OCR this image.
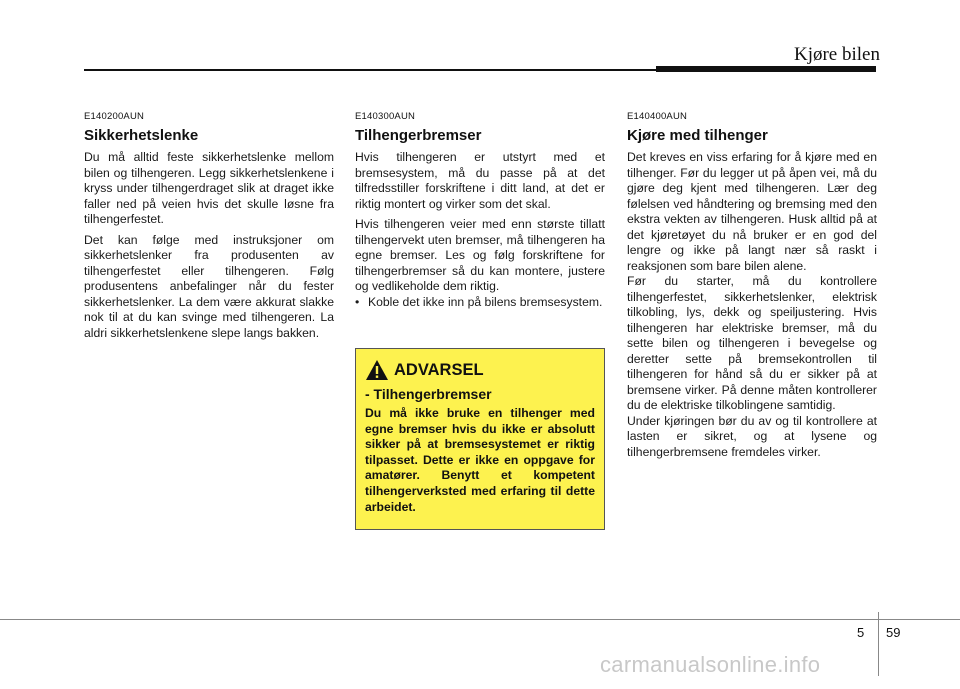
Kjøre bilen
E140200AUN
Sikkerhetslenke

Du må alltid feste sikkerhetslenke mellom bilen og tilhengeren. Legg sikkerhetslenkene i kryss under tilhengerdraget slik at draget ikke faller ned på veien hvis det skulle løsne fra tilhengerfestet.

Det kan følge med instruksjoner om sikkerhetslenker fra produsenten av tilhengerfestet eller tilhengeren. Følg produsentens anbefalinger når du fester sikkerhetslenker. La dem være akkurat slakke nok til at du kan svinge med tilhengeren. La aldri sikkerhetslenkene slepe langs bakken.

E140300AUN
Tilhengerbremser

Hvis tilhengeren er utstyrt med et bremsesystem, må du passe på at det tilfredsstiller forskriftene i ditt land, at det er riktig montert og virker som det skal.

Hvis tilhengeren veier med enn største tillatt tilhengervekt uten bremser, må tilhengeren ha egne bremser. Les og følg forskriftene for tilhengerbremser så du kan montere, justere og vedlikeholde dem riktig.

• Koble det ikke inn på bilens bremsesystem.
ADVARSEL
- Tilhengerbremser

Du må ikke bruke en tilhenger med egne bremser hvis du ikke er absolutt sikker på at bremsesystemet er riktig tilpasset. Dette er ikke en oppgave for amatører. Benytt et kompetent tilhengerverksted med erfaring til dette arbeidet.

E140400AUN
Kjøre med tilhenger

Det kreves en viss erfaring for å kjøre med en tilhenger. Før du legger ut på åpen vei, må du gjøre deg kjent med tilhengeren. Lær deg følelsen ved håndtering og bremsing med den ekstra vekten av tilhengeren. Husk alltid på at det kjøretøyet du nå bruker er en god del lengre og ikke på langt nær så raskt i reaksjonen som bare bilen alene.

Før du starter, må du kontrollere tilhengerfestet, sikkerhetslenker, elektrisk tilkobling, lys, dekk og speiljustering. Hvis tilhengeren har elektriske bremser, må du sette bilen og tilhengeren i bevegelse og deretter sette på bremsekontrollen til tilhengeren for hånd så du er sikker på at bremsene virker. På denne måten kontrollerer du de elektriske tilkoblingene samtidig.

Under kjøringen bør du av og til kontrollere at lasten er sikret, og at lysene og tilhengerbremsene fremdeles virker.

5 59
carmanualsonline.info
